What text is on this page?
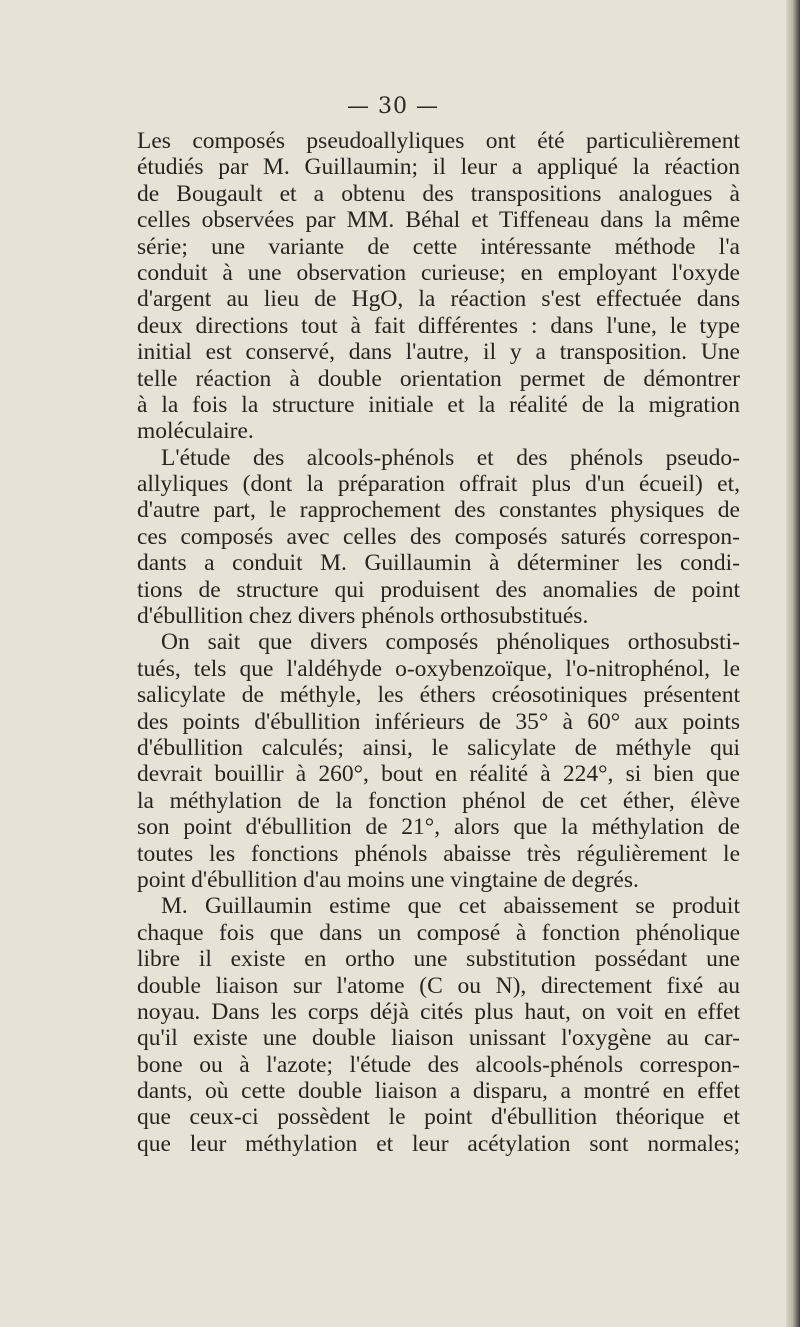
— 30 —
Les composés pseudoallyliques ont été particulièrement
étudiés par M. Guillaumin; il leur a appliqué la réaction
de Bougault et a obtenu des transpositions analogues à
celles observées par MM. Béhal et Tiffeneau dans la même
série; une variante de cette intéressante méthode l'a
conduit à une observation curieuse; en employant l'oxyde
d'argent au lieu de HgO, la réaction s'est effectuée dans
deux directions tout à fait différentes : dans l'une, le type
initial est conservé, dans l'autre, il y a transposition. Une
telle réaction à double orientation permet de démontrer
à la fois la structure initiale et la réalité de la migration
moléculaire.
L'étude des alcools-phénols et des phénols pseudo-
allyliques (dont la préparation offrait plus d'un écueil) et,
d'autre part, le rapprochement des constantes physiques de
ces composés avec celles des composés saturés correspon-
dants a conduit M. Guillaumin à déterminer les condi-
tions de structure qui produisent des anomalies de point
d'ébullition chez divers phénols orthosubstitués.
On sait que divers composés phénoliques orthosubsti-
tués, tels que l'aldéhyde o-oxybenzoïque, l'o-nitrophénol, le
salicylate de méthyle, les éthers créosotiniques présentent
des points d'ébullition inférieurs de 35° à 60° aux points
d'ébullition calculés; ainsi, le salicylate de méthyle qui
devrait bouillir à 260°, bout en réalité à 224°, si bien que
la méthylation de la fonction phénol de cet éther, élève
son point d'ébullition de 21°, alors que la méthylation de
toutes les fonctions phénols abaisse très régulièrement le
point d'ébullition d'au moins une vingtaine de degrés.
M. Guillaumin estime que cet abaissement se produit
chaque fois que dans un composé à fonction phénolique
libre il existe en ortho une substitution possédant une
double liaison sur l'atome (C ou N), directement fixé au
noyau. Dans les corps déjà cités plus haut, on voit en effet
qu'il existe une double liaison unissant l'oxygène au car-
bone ou à l'azote; l'étude des alcools-phénols correspon-
dants, où cette double liaison a disparu, a montré en effet
que ceux-ci possèdent le point d'ébullition théorique et
que leur méthylation et leur acétylation sont normales;
